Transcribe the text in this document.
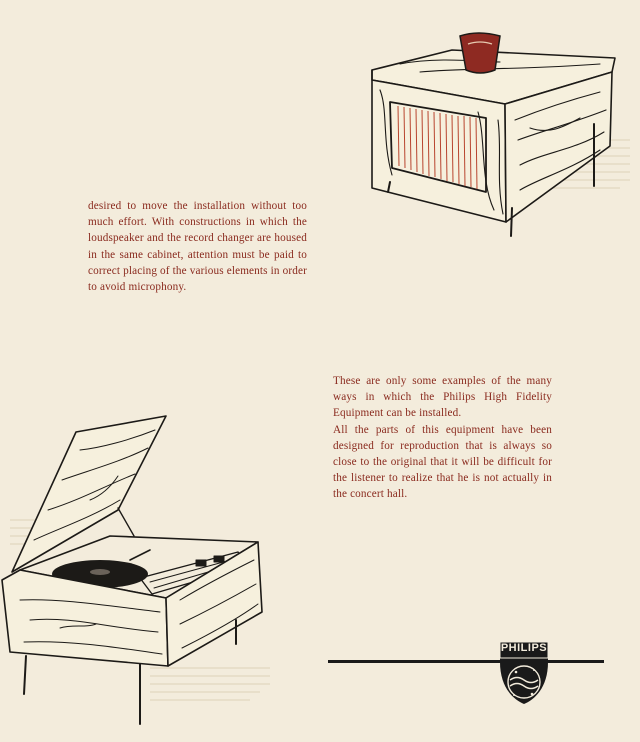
desired to move the installation without too much effort. With constructions in which the loudspeaker and the record changer are housed in the same cabinet, attention must be paid to correct placing of the various elements in order to avoid microphony.

These are only some examples of the many ways in which the Philips High Fidelity Equipment can be installed.
All the parts of this equipment have been designed for reproduction that is always so close to the original that it will be difficult for the listener to realize that he is not actually in the concert hall.

PHILIPS
